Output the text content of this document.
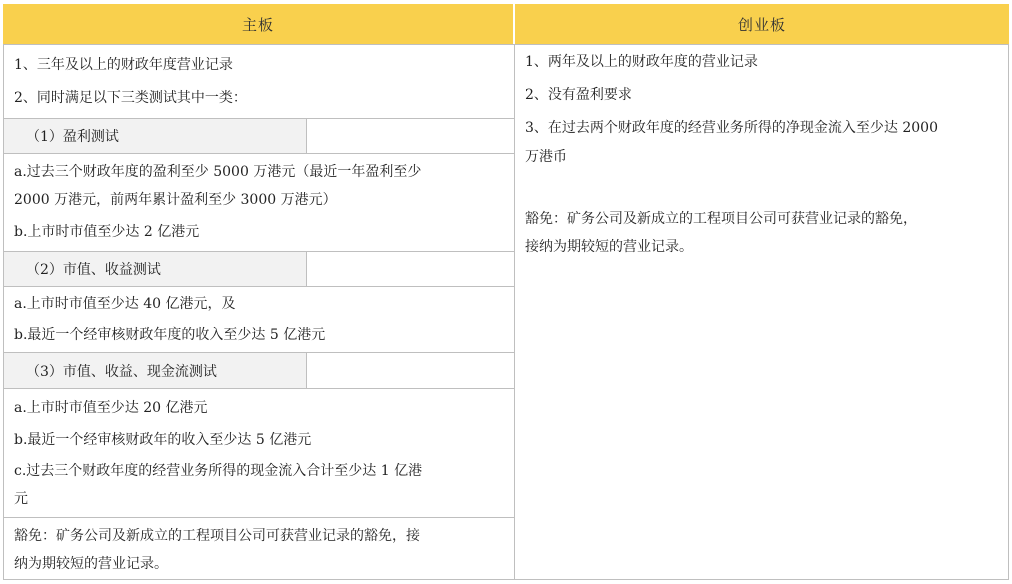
主板	创业板
1、三年及以上的财政年度营业记录
2、同时满足以下三类测试其中一类：
（1）盈利测试
a.过去三个财政年度的盈利至少 5000 万港元（最近一年盈利至少
2000 万港元，前两年累计盈利至少 3000 万港元）
b.上市时市值至少达 2 亿港元
（2）市值、收益测试
a.上市时市值至少达 40 亿港元，及
b.最近一个经审核财政年度的收入至少达 5 亿港元
（3）市值、收益、现金流测试
a.上市时市值至少达 20 亿港元
b.最近一个经审核财政年的收入至少达 5 亿港元
c.过去三个财政年度的经营业务所得的现金流入合计至少达 1 亿港
元
豁免：矿务公司及新成立的工程项目公司可获营业记录的豁免，接
纳为期较短的营业记录。
1、两年及以上的财政年度的营业记录
2、没有盈利要求
3、在过去两个财政年度的经营业务所得的净现金流入至少达 2000
万港币
豁免：矿务公司及新成立的工程项目公司可获营业记录的豁免，
接纳为期较短的营业记录。
